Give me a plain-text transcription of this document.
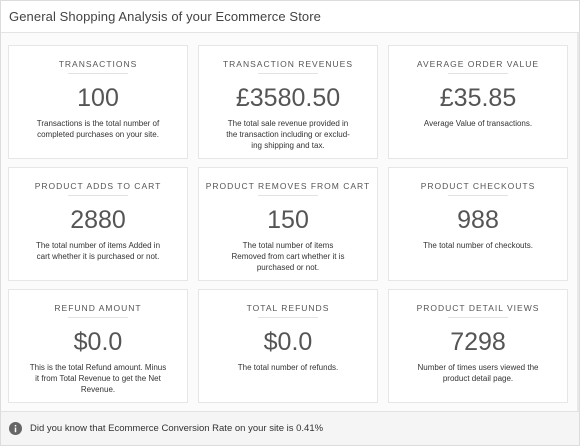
General Shopping Analysis of your Ecommerce Store
TRANSACTIONS
100
Transactions is the total number of
completed purchases on your site.
TRANSACTION REVENUES
£3580.50
The total sale revenue provided in
the transaction including or exclud-
ing shipping and tax.
AVERAGE ORDER VALUE
£35.85
Average Value of transactions.
PRODUCT ADDS TO CART
2880
The total number of items Added in
cart whether it is purchased or not.
PRODUCT REMOVES FROM CART
150
The total number of items
Removed from cart whether it is
purchased or not.
PRODUCT CHECKOUTS
988
The total number of checkouts.
REFUND AMOUNT
$0.0
This is the total Refund amount. Minus
it from Total Revenue to get the Net
Revenue.
TOTAL REFUNDS
$0.0
The total number of refunds.
PRODUCT DETAIL VIEWS
7298
Number of times users viewed the
product detail page.
Did you know that Ecommerce Conversion Rate on your site is 0.41%
